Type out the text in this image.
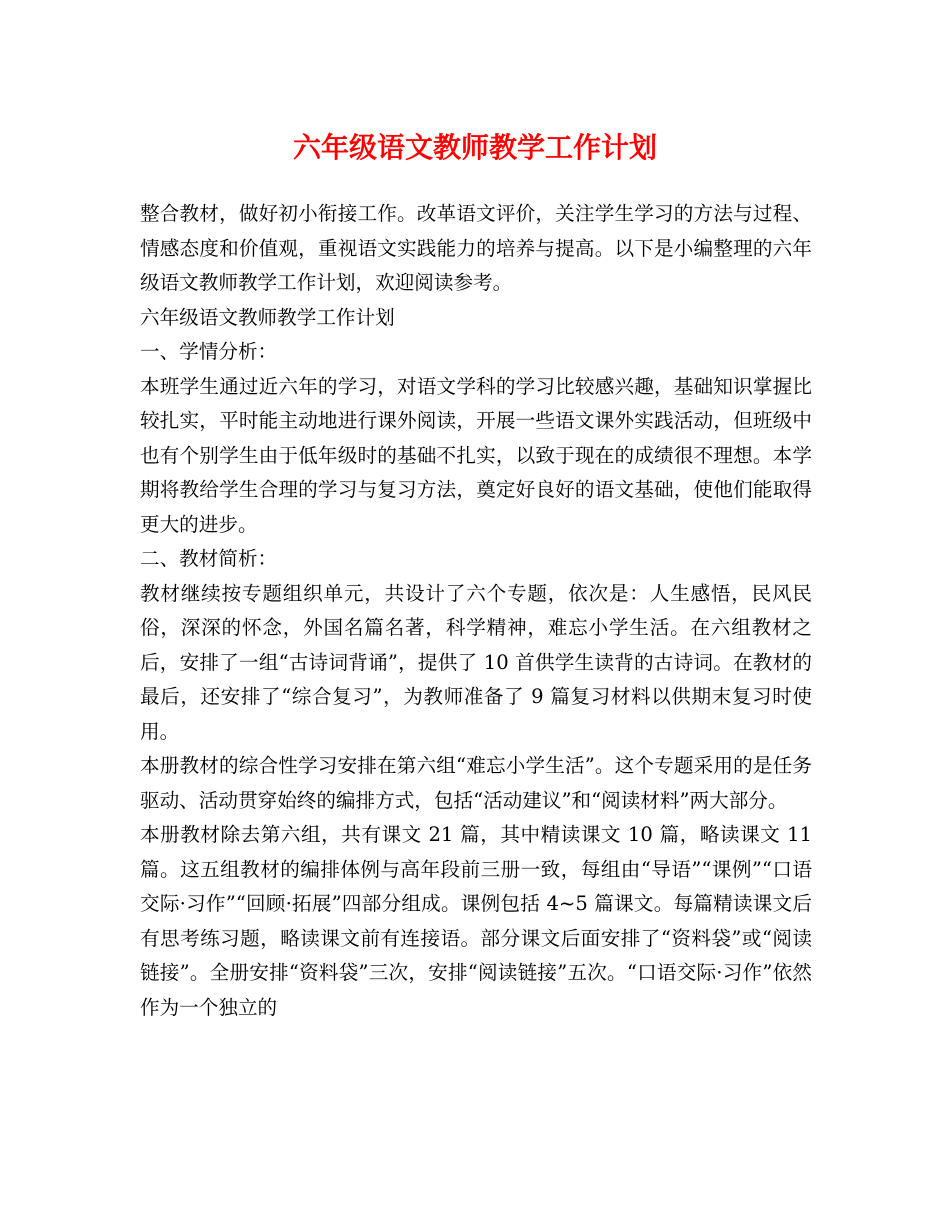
六年级语文教师教学工作计划

整合教材，做好初小衔接工作。改革语文评价，关注学生学习的方法与过程、情感态度和价值观，重视语文实践能力的培养与提高。以下是小编整理的六年级语文教师教学工作计划，欢迎阅读参考。

六年级语文教师教学工作计划

一、学情分析：

本班学生通过近六年的学习，对语文学科的学习比较感兴趣，基础知识掌握比较扎实，平时能主动地进行课外阅读，开展一些语文课外实践活动，但班级中也有个别学生由于低年级时的基础不扎实，以致于现在的成绩很不理想。本学期将教给学生合理的学习与复习方法，奠定好良好的语文基础，使他们能取得更大的进步。

二、教材简析：

教材继续按专题组织单元，共设计了六个专题，依次是：人生感悟，民风民俗，深深的怀念，外国名篇名著，科学精神，难忘小学生活。在六组教材之后，安排了一组“古诗词背诵”，提供了 10 首供学生读背的古诗词。在教材的最后，还安排了“综合复习”，为教师准备了 9 篇复习材料以供期末复习时使用。

本册教材的综合性学习安排在第六组“难忘小学生活”。这个专题采用的是任务驱动、活动贯穿始终的编排方式，包括“活动建议”和“阅读材料”两大部分。

本册教材除去第六组，共有课文 21 篇，其中精读课文 10 篇，略读课文 11 篇。这五组教材的编排体例与高年段前三册一致，每组由“导语”“课例”“口语交际·习作”“回顾·拓展”四部分组成。课例包括 4~5 篇课文。每篇精读课文后有思考练习题，略读课文前有连接语。部分课文后面安排了“资料袋”或“阅读链接”。全册安排“资料袋”三次，安排“阅读链接”五次。“口语交际·习作”依然作为一个独立的
